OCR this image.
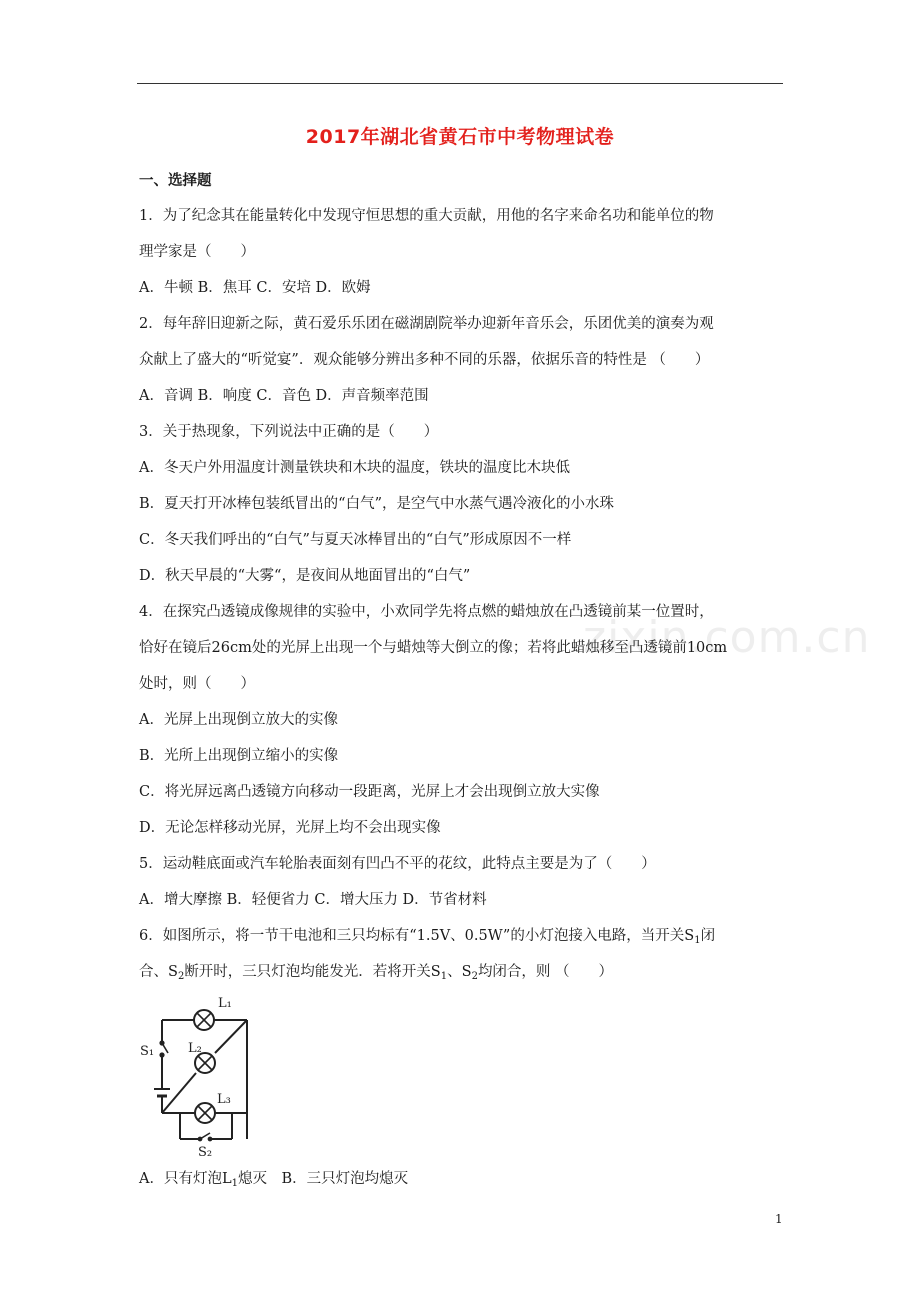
2017年湖北省黄石市中考物理试卷
一、选择题
zixin.com.cn
1．为了纪念其在能量转化中发现守恒思想的重大贡献，用他的名字来命名功和能单位的物
理学家是（　　）
A．牛顿 B．焦耳 C．安培 D．欧姆
2．每年辞旧迎新之际，黄石爱乐乐团在磁湖剧院举办迎新年音乐会，乐团优美的演奏为观
众献上了盛大的“听觉宴”．观众能够分辨出多种不同的乐器，依据乐音的特性是 （　　）
A．音调 B．响度 C．音色 D．声音频率范围
3．关于热现象，下列说法中正确的是（　　）
A．冬天户外用温度计测量铁块和木块的温度，铁块的温度比木块低
B．夏天打开冰棒包装纸冒出的“白气”，是空气中水蒸气遇冷液化的小水珠
C．冬天我们呼出的“白气”与夏天冰棒冒出的“白气”形成原因不一样
D．秋天早晨的“大雾“，是夜间从地面冒出的“白气”
4．在探究凸透镜成像规律的实验中，小欢同学先将点燃的蜡烛放在凸透镜前某一位置时，
恰好在镜后26cm处的光屏上出现一个与蜡烛等大倒立的像；若将此蜡烛移至凸透镜前10cm
处时，则（　　）
A．光屏上出现倒立放大的实像
B．光所上出现倒立缩小的实像
C．将光屏远离凸透镜方向移动一段距离，光屏上才会出现倒立放大实像
D．无论怎样移动光屏，光屏上均不会出现实像
5．运动鞋底面或汽车轮胎表面刻有凹凸不平的花纹，此特点主要是为了（　　）
A．增大摩擦 B．轻便省力 C．增大压力 D．节省材料
6．如图所示，将一节干电池和三只均标有“1.5V、0.5W”的小灯泡接入电路，当开关$S_1$闭
合、$S_2$断开时，三只灯泡均能发光．若将开关$S_1$、$S_2$均闭合，则 （　　）
L₁
L₂
L₃
S₁
S₂
A．只有灯泡$L_1$熄灭　B．三只灯泡均熄灭
1
